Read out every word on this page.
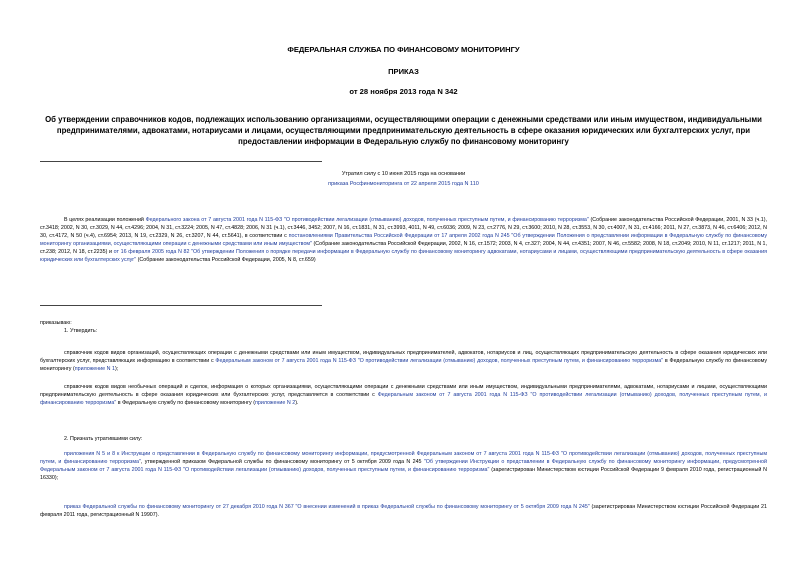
ФЕДЕРАЛЬНАЯ СЛУЖБА ПО ФИНАНСОВОМУ МОНИТОРИНГУ
ПРИКАЗ
от 28 ноября 2013 года N 342
Об утверждении справочников кодов, подлежащих использованию организациями, осуществляющими операции с денежными средствами или иным имуществом, индивидуальными предпринимателями, адвокатами, нотариусами и лицами, осуществляющими предпринимательскую деятельность в сфере оказания юридических или бухгалтерских услуг, при предоставлении информации в Федеральную службу по финансовому мониторингу
Утратил силу с 10 июня 2015 года на основании
приказа Росфинмониторинга от 22 апреля 2015 года N 110
В целях реализации положений Федерального закона от 7 августа 2001 года N 115-ФЗ "О противодействии легализации (отмыванию) доходов, полученных преступным путем, и финансированию терроризма" (Собрание законодательства Российской Федерации, 2001, N 33 (ч.1), ст.3418; 2002, N 30, ст.3029, N 44, ст.4296; 2004, N 31, ст.3224; 2005, N 47, ст.4828; 2006, N 31 (ч.1), ст.3446, 3452; 2007, N 16, ст.1831, N 31, ст.3993, 4011, N 49, ст.6036; 2009, N 23, ст.2776, N 29, ст.3600; 2010, N 28, ст.3553, N 30, ст.4007, N 31, ст.4166; 2011, N 27, ст.3873, N 46, ст.6406; 2012, N 30, ст.4172, N 50 (ч.4), ст.6954; 2013, N 19, ст.2329, N 26, ст.3207, N 44, ст.5641), в соответствии с постановлениями Правительства Российской Федерации от 17 апреля 2002 года N 245 "Об утверждении Положения о представлении информации в Федеральную службу по финансовому мониторингу организациями, осуществляющими операции с денежными средствами или иным имуществом" (Собрание законодательства Российской Федерации, 2002, N 16, ст.1572; 2003, N 4, ст.327; 2004, N 44, ст.4351; 2007, N 46, ст.5582; 2008, N 18, ст.2049; 2010, N 11, ст.1217; 2011, N 1, ст.238; 2012, N 18, ст.2235) и от 16 февраля 2005 года N 82 "Об утверждении Положения о порядке передачи информации в Федеральную службу по финансовому мониторингу адвокатами, нотариусами и лицами, осуществляющими предпринимательскую деятельность в сфере оказания юридических или бухгалтерских услуг" (Собрание законодательства Российской Федерации, 2005, N 8, ст.659)
приказываю:
1. Утвердить:
справочник кодов видов организаций, осуществляющих операции с денежными средствами или иным имуществом, индивидуальных предпринимателей, адвокатов, нотариусов и лиц, осуществляющих предпринимательскую деятельность в сфере оказания юридических или бухгалтерских услуг, представляющих информацию в соответствии с Федеральным законом от 7 августа 2001 года N 115-ФЗ "О противодействии легализации (отмыванию) доходов, полученных преступным путем, и финансированию терроризма" в Федеральную службу по финансовому мониторингу (приложение N 1);
справочник кодов видов необычных операций и сделок, информация о которых организациями, осуществляющими операции с денежными средствами или иным имуществом, индивидуальными предпринимателями, адвокатами, нотариусами и лицами, осуществляющими предпринимательскую деятельность в сфере оказания юридических или бухгалтерских услуг, представляется в соответствии с Федеральным законом от 7 августа 2001 года N 115-ФЗ "О противодействии легализации (отмыванию) доходов, полученных преступным путем, и финансированию терроризма" в Федеральную службу по финансовому мониторингу (приложение N 2).
2. Признать утратившими силу:
приложения N 5 и 8 к Инструкции о представлении в Федеральную службу по финансовому мониторингу информации, предусмотренной Федеральным законом от 7 августа 2001 года N 115-ФЗ "О противодействии легализации (отмыванию) доходов, полученных преступным путем, и финансированию терроризма", утвержденной приказом Федеральной службы по финансовому мониторингу от 5 октября 2009 года N 245 "Об утверждении Инструкции о представлении в Федеральную службу по финансовому мониторингу информации, предусмотренной Федеральным законом от 7 августа 2001 года N 115-ФЗ "О противодействии легализации (отмыванию) доходов, полученных преступным путем, и финансированию терроризма" (зарегистрирован Министерством юстиции Российской Федерации 9 февраля 2010 года, регистрационный N 16330);
приказ Федеральной службы по финансовому мониторингу от 27 декабря 2010 года N 367 "О внесении изменений в приказ Федеральной службы по финансовому мониторингу от 5 октября 2009 года N 245" (зарегистрирован Министерством юстиции Российской Федерации 21 февраля 2011 года, регистрационный N 19907).
